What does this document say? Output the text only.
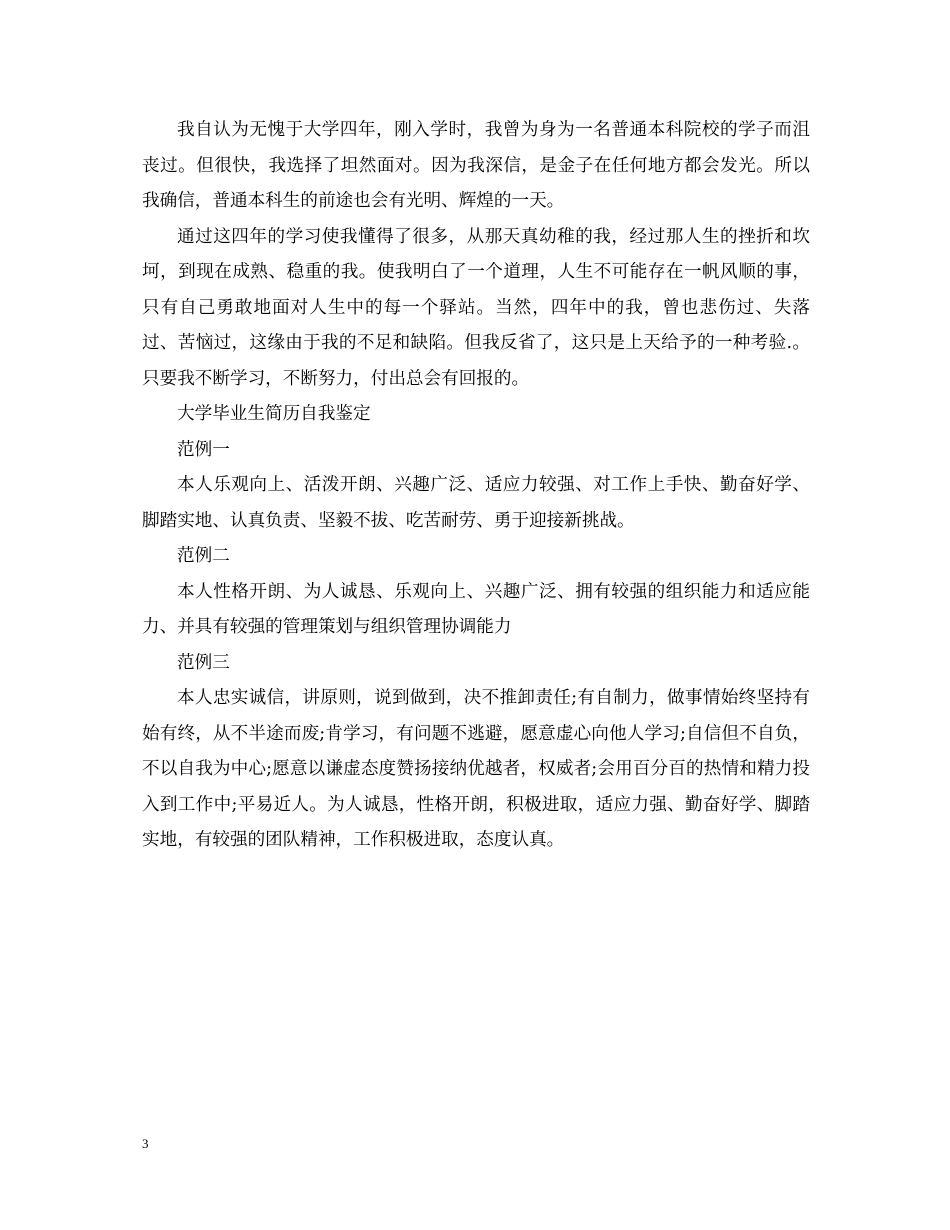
我自认为无愧于大学四年，刚入学时，我曾为身为一名普通本科院校的学子而沮丧过。但很快，我选择了坦然面对。因为我深信，是金子在任何地方都会发光。所以我确信，普通本科生的前途也会有光明、辉煌的一天。

通过这四年的学习使我懂得了很多，从那天真幼稚的我，经过那人生的挫折和坎坷，到现在成熟、稳重的我。使我明白了一个道理，人生不可能存在一帆风顺的事，只有自己勇敢地面对人生中的每一个驿站。当然，四年中的我，曾也悲伤过、失落过、苦恼过，这缘由于我的不足和缺陷。但我反省了，这只是上天给予的一种考验.。 只要我不断学习，不断努力，付出总会有回报的。

大学毕业生简历自我鉴定

范例一

本人乐观向上、活泼开朗、兴趣广泛、适应力较强、对工作上手快、勤奋好学、脚踏实地、认真负责、坚毅不拔、吃苦耐劳、勇于迎接新挑战。

范例二

本人性格开朗、为人诚恳、乐观向上、兴趣广泛、拥有较强的组织能力和适应能力、并具有较强的管理策划与组织管理协调能力

范例三

本人忠实诚信，讲原则，说到做到，决不推卸责任;有自制力，做事情始终坚持有始有终，从不半途而废;肯学习，有问题不逃避，愿意虚心向他人学习;自信但不自负，不以自我为中心;愿意以谦虚态度赞扬接纳优越者，权威者;会用百分百的热情和精力投入到工作中;平易近人。为人诚恳，性格开朗，积极进取，适应力强、勤奋好学、脚踏实地，有较强的团队精神，工作积极进取，态度认真。

3
